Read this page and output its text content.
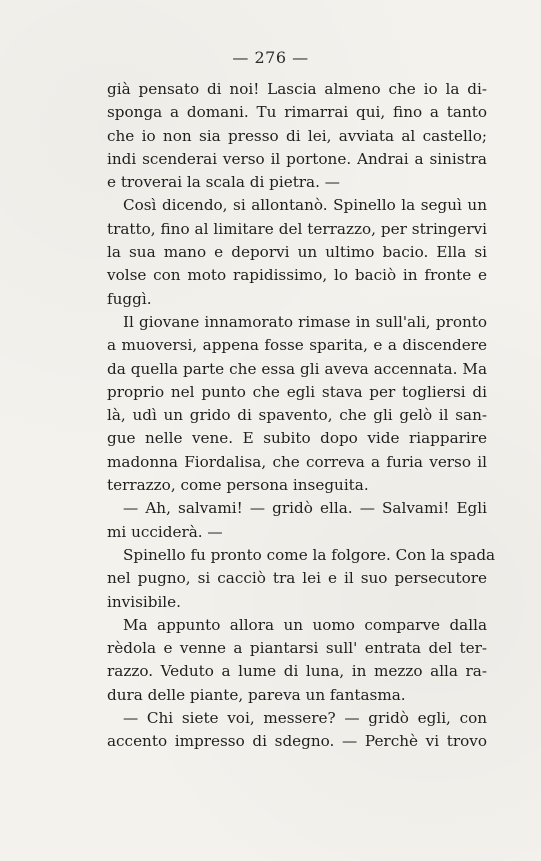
— 276 —
già pensato di noi! Lascia almeno che io la di-
sponga a domani. Tu rimarrai qui, fino a tanto
che io non sia presso di lei, avviata al castello;
indi scenderai verso il portone. Andrai a sinistra
e troverai la scala di pietra. —
Così dicendo, si allontanò. Spinello la seguì un
tratto, fino al limitare del terrazzo, per stringervi
la sua mano e deporvi un ultimo bacio. Ella si
volse con moto rapidissimo, lo baciò in fronte e
fuggì.
Il giovane innamorato rimase in sull'ali, pronto
a muoversi, appena fosse sparita, e a discendere
da quella parte che essa gli aveva accennata. Ma
proprio nel punto che egli stava per togliersi di
là, udì un grido di spavento, che gli gelò il san-
gue nelle vene. E subito dopo vide riapparire
madonna Fiordalisa, che correva a furia verso il
terrazzo, come persona inseguita.
— Ah, salvami! — gridò ella. — Salvami! Egli
mi ucciderà. —
Spinello fu pronto come la folgore. Con la spada
nel pugno, si cacciò tra lei e il suo persecutore
invisibile.
Ma appunto allora un uomo comparve dalla
rèdola e venne a piantarsi sull' entrata del ter-
razzo. Veduto a lume di luna, in mezzo alla ra-
dura delle piante, pareva un fantasma.
— Chi siete voi, messere? — gridò egli, con
accento impresso di sdegno. — Perchè vi trovo
